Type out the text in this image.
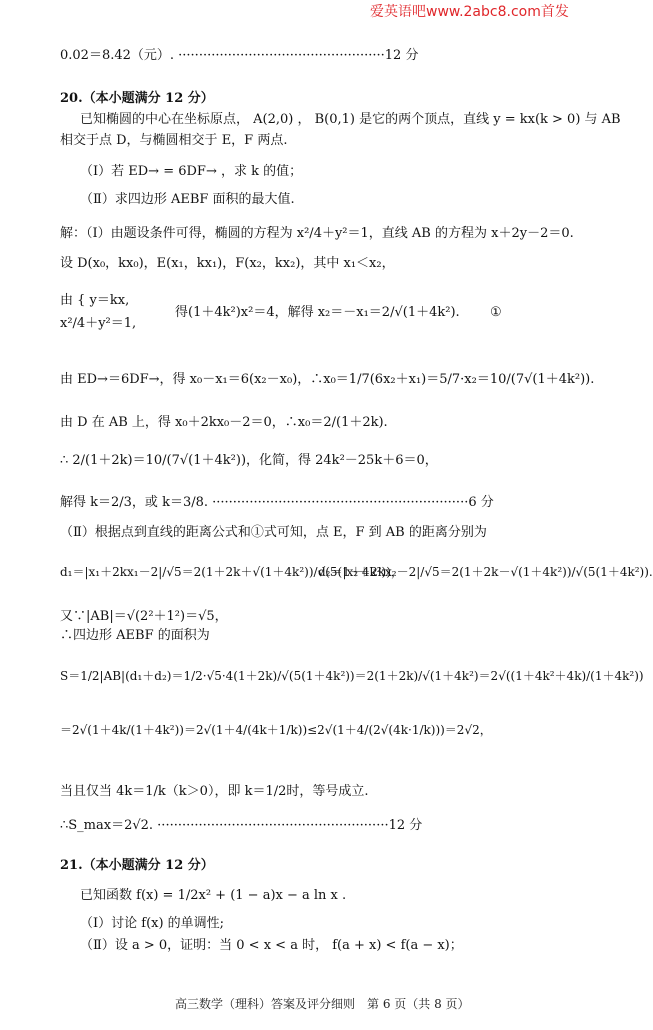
爱英语吧www.2abc8.com首发
0.02＝8.42（元）. ··················································12 分
20.（本小题满分 12 分）
已知椭圆的中心在坐标原点， A(2,0) ， B(0,1) 是它的两个顶点，直线 y = kx(k > 0) 与 AB
相交于点 D，与椭圆相交于 E，F 两点.
（Ⅰ）若 ED→ = 6DF→ ，求 k 的值；
（Ⅱ）求四边形 AEBF 面积的最大值.
解：（Ⅰ）由题设条件可得，椭圆的方程为 x²/4＋y²＝1，直线 AB 的方程为 x＋2y－2＝0.
设 D(x₀，kx₀)，E(x₁，kx₁)，F(x₂，kx₂)，其中 x₁＜x₂，
由 { y＝kx,
x²/4＋y²＝1,
得(1＋4k²)x²＝4，解得 x₂＝－x₁＝2/√(1＋4k²). ①
由 ED→＝6DF→，得 x₀－x₁＝6(x₂－x₀)，∴x₀＝1/7(6x₂＋x₁)＝5/7·x₂＝10/(7√(1＋4k²)).
由 D 在 AB 上，得 x₀＋2kx₀－2＝0，∴x₀＝2/(1＋2k).
∴ 2/(1＋2k)＝10/(7√(1＋4k²))，化简，得 24k²－25k＋6＝0，
解得 k＝2/3，或 k＝3/8. ······························································6 分
（Ⅱ）根据点到直线的距离公式和①式可知，点 E，F 到 AB 的距离分别为
d₁＝|x₁＋2kx₁－2|/√5＝2(1＋2k＋√(1＋4k²))/√(5(1＋4k²))，
d₂＝|x₂＋2kx₂－2|/√5＝2(1＋2k－√(1＋4k²))/√(5(1＋4k²)).
又∵|AB|＝√(2²＋1²)＝√5，
∴四边形 AEBF 的面积为
S＝1/2|AB|(d₁＋d₂)＝1/2·√5·4(1＋2k)/√(5(1＋4k²))＝2(1＋2k)/√(1＋4k²)＝2√((1＋4k²＋4k)/(1＋4k²))
＝2√(1＋4k/(1＋4k²))＝2√(1＋4/(4k＋1/k))≤2√(1＋4/(2√(4k·1/k)))＝2√2，
当且仅当 4k＝1/k（k＞0），即 k＝1/2时，等号成立.
∴S_max＝2√2. ························································12 分
21.（本小题满分 12 分）
已知函数 f(x) = 1/2x² + (1 − a)x − a ln x .
（Ⅰ）讨论 f(x) 的单调性;
（Ⅱ）设 a > 0，证明：当 0 < x < a 时， f(a + x) < f(a − x)；
高三数学（理科）答案及评分细则　第 6 页（共 8 页）
